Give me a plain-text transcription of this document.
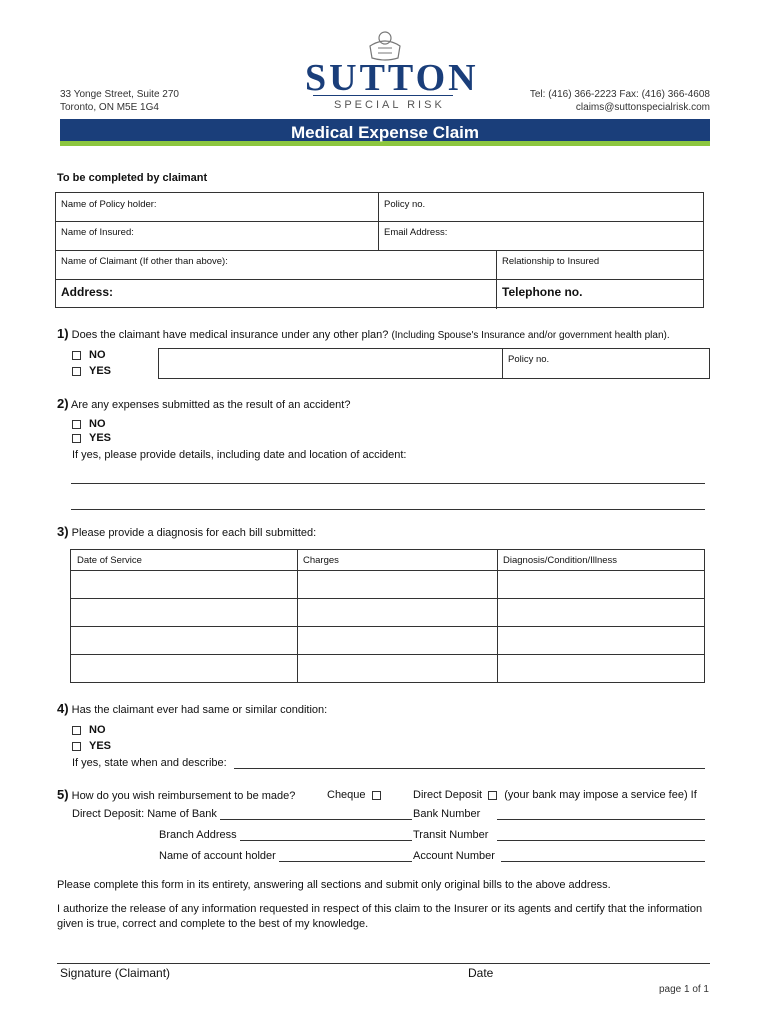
33 Yonge Street, Suite 270
Toronto, ON M5E 1G4
SUTTON
SPECIAL RISK
Tel: (416) 366-2223 Fax: (416) 366-4608
claims@suttonspecialrisk.com
Medical Expense Claim
To be completed by claimant
Name of Policy holder:	Policy no.
Name of Insured:	Email Address:
Name of Claimant (If other than above):	Relationship to Insured
Address:	Telephone no.
1) Does the claimant have medical insurance under any other plan? (Including Spouse's Insurance and/or government health plan).
NO
YES
Policy no.
2) Are any expenses submitted as the result of an accident?
NO
YES
If yes, please provide details, including date and location of accident:
3) Please provide a diagnosis for each bill submitted:
Date of Service	Charges	Diagnosis/Condition/Illness
4) Has the claimant ever had same or similar condition:
NO
YES
If yes, state when and describe:
5) How do you wish reimbursement to be made?	Cheque	Direct Deposit (your bank may impose a service fee) If
Direct Deposit: Name of Bank	Bank Number
Branch Address	Transit Number
Name of account holder	Account Number
Please complete this form in its entirety, answering all sections and submit only original bills to the above address.
I authorize the release of any information requested in respect of this claim to the Insurer or its agents and certify that the information given is true, correct and complete to the best of my knowledge.
Signature (Claimant)	Date
page 1 of 1
